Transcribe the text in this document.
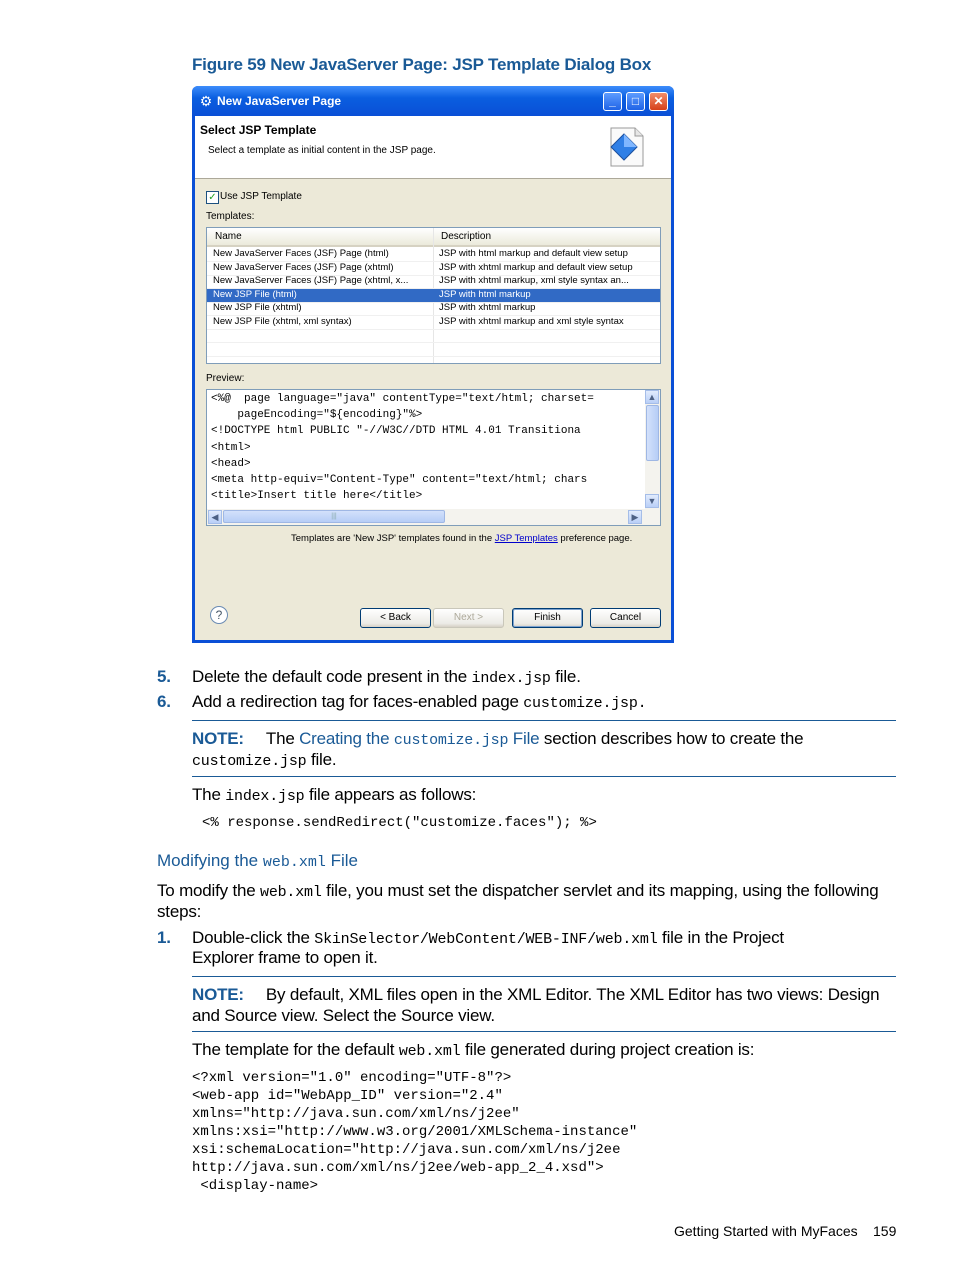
Figure 59 New JavaServer Page: JSP Template Dialog Box
⚙ New JavaServer Page	_	□	✕
Select JSP Template
Select a template as initial content in the JSP page.
✓ Use JSP Template
Templates:
Name	Description
New JavaServer Faces (JSF) Page (html)	JSP with html markup and default view setup
New JavaServer Faces (JSF) Page (xhtml)	JSP with xhtml markup and default view setup
New JavaServer Faces (JSF) Page (xhtml, x...	JSP with xhtml markup, xml style syntax an...
New JSP File (html)	JSP with html markup
New JSP File (xhtml)	JSP with xhtml markup
New JSP File (xhtml, xml syntax)	JSP with xhtml markup and xml style syntax
Preview:
<%@  page language="java" contentType="text/html; charset=
pageEncoding="${encoding}"%>
<!DOCTYPE html PUBLIC "-//W3C//DTD HTML 4.01 Transitiona
<html>
<head>
<meta http-equiv="Content-Type" content="text/html; chars
<title>Insert title here</title>
▲
▼
◀	|||	▶
Templates are 'New JSP' templates found in the JSP Templates preference page.
?	< Back	Next >	Finish	Cancel
5. Delete the default code present in the index.jsp file.
6. Add a redirection tag for faces-enabled page customize.jsp.
NOTE: The Creating the customize.jsp File section describes how to create the
customize.jsp file.
The index.jsp file appears as follows:
<% response.sendRedirect("customize.faces"); %>
Modifying the web.xml File
To modify the web.xml file, you must set the dispatcher servlet and its mapping, using the following
steps:
1. Double-click the SkinSelector/WebContent/WEB-INF/web.xml file in the Project
Explorer frame to open it.
NOTE: By default, XML files open in the XML Editor. The XML Editor has two views: Design
and Source view. Select the Source view.
The template for the default web.xml file generated during project creation is:
<?xml version="1.0" encoding="UTF-8"?>
<web-app id="WebApp_ID" version="2.4"
xmlns="http://java.sun.com/xml/ns/j2ee"
xmlns:xsi="http://www.w3.org/2001/XMLSchema-instance"
xsi:schemaLocation="http://java.sun.com/xml/ns/j2ee
http://java.sun.com/xml/ns/j2ee/web-app_2_4.xsd">
<display-name>
Getting Started with MyFaces 159
